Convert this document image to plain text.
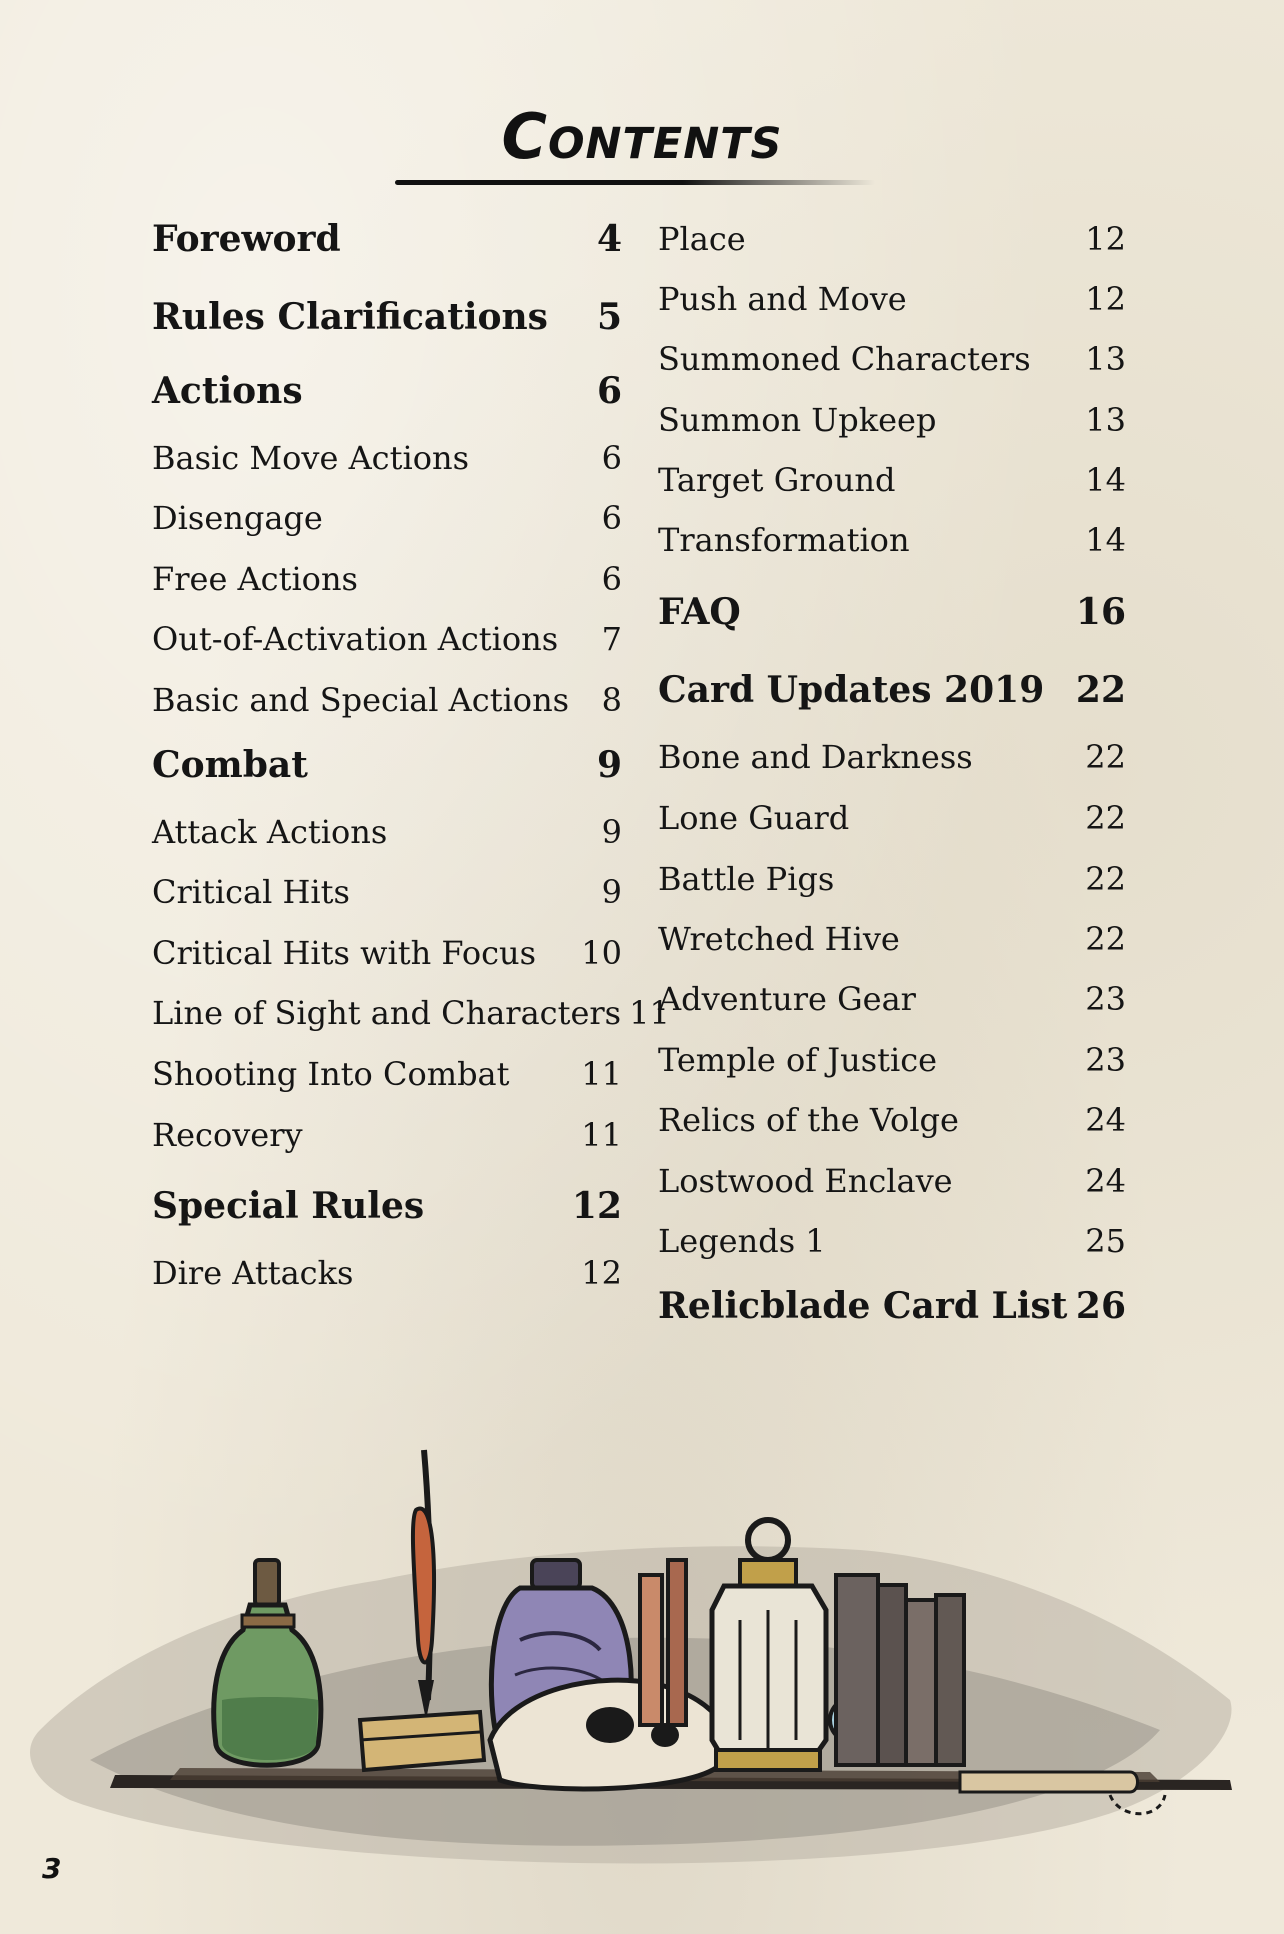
Contents
Foreword	4
Rules Clarifications	5
Actions	6
Basic Move Actions	6
Disengage	6
Free Actions	6
Out-of-Activation Actions	7
Basic and Special Actions	8
Combat	9
Attack Actions	9
Critical Hits	9
Critical Hits with Focus	10
Line of Sight and Characters 11
Shooting Into Combat	11
Recovery	11
Special Rules	12
Dire Attacks	12
Place	12
Push and Move	12
Summoned Characters	13
Summon Upkeep	13
Target Ground	14
Transformation	14
FAQ	16
Card Updates 2019 22
Bone and Darkness	22
Lone Guard	22
Battle Pigs	22
Wretched Hive	22
Adventure Gear	23
Temple of Justice	23
Relics of the Volge	24
Lostwood Enclave	24
Legends 1	25
Relicblade Card List 26
3
